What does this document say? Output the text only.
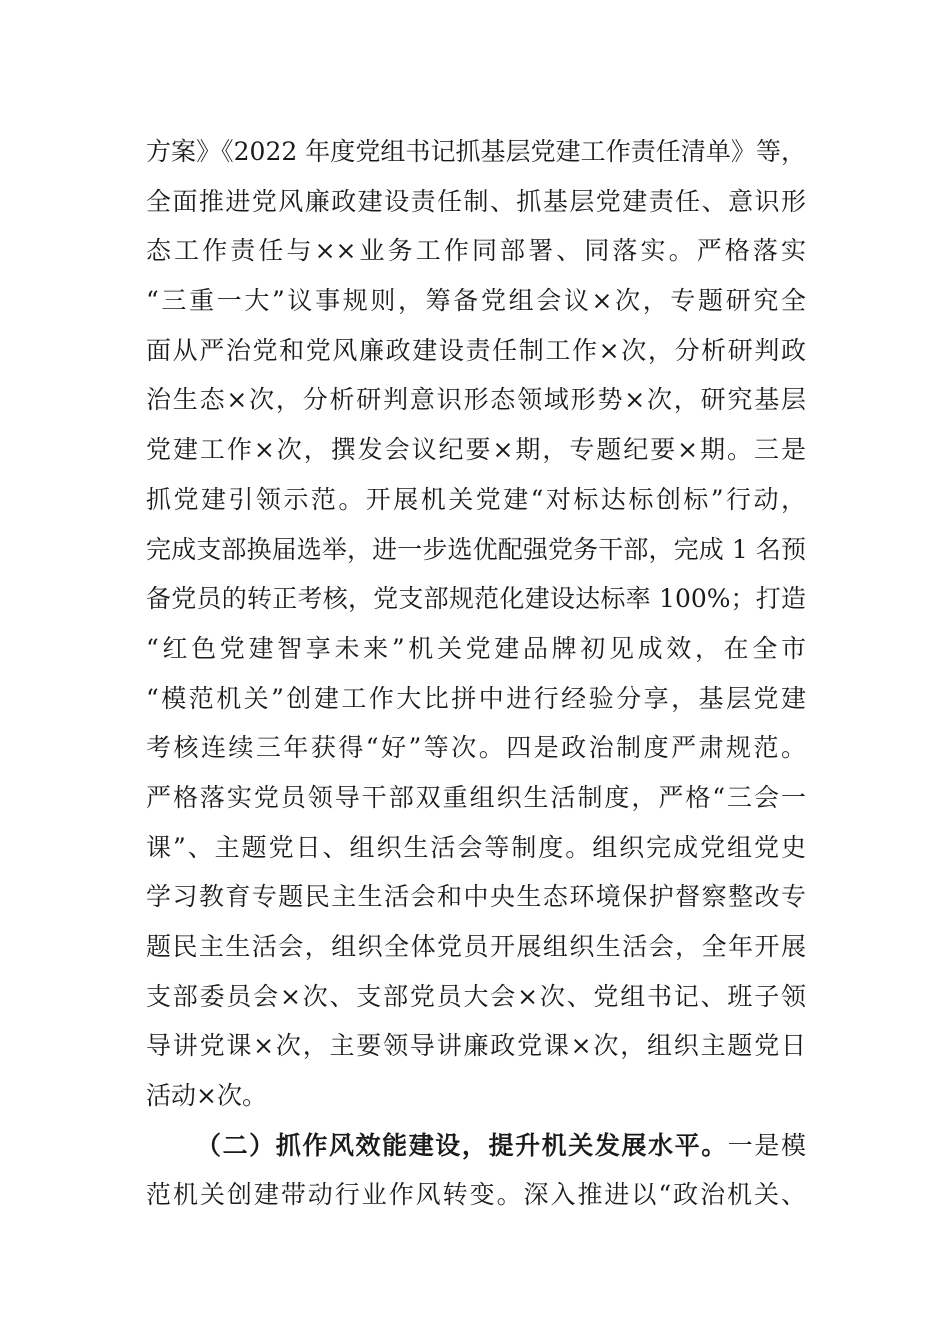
方案》《2022 年度党组书记抓基层党建工作责任清单》等，
全面推进党风廉政建设责任制、抓基层党建责任、意识形
态工作责任与××业务工作同部署、同落实。严格落实
“三重一大”议事规则，筹备党组会议×次，专题研究全
面从严治党和党风廉政建设责任制工作×次，分析研判政
治生态×次，分析研判意识形态领域形势×次，研究基层
党建工作×次，撰发会议纪要×期，专题纪要×期。三是
抓党建引领示范。开展机关党建“对标达标创标”行动，
完成支部换届选举，进一步选优配强党务干部，完成 1 名预
备党员的转正考核，党支部规范化建设达标率 100%；打造
“红色党建智享未来”机关党建品牌初见成效，在全市
“模范机关”创建工作大比拼中进行经验分享，基层党建
考核连续三年获得“好”等次。四是政治制度严肃规范。
严格落实党员领导干部双重组织生活制度，严格“三会一
课”、主题党日、组织生活会等制度。组织完成党组党史
学习教育专题民主生活会和中央生态环境保护督察整改专
题民主生活会，组织全体党员开展组织生活会，全年开展
支部委员会×次、支部党员大会×次、党组书记、班子领
导讲党课×次，主要领导讲廉政党课×次，组织主题党日
活动×次。
（二）抓作风效能建设，提升机关发展水平。一是模
范机关创建带动行业作风转变。深入推进以“政治机关、
